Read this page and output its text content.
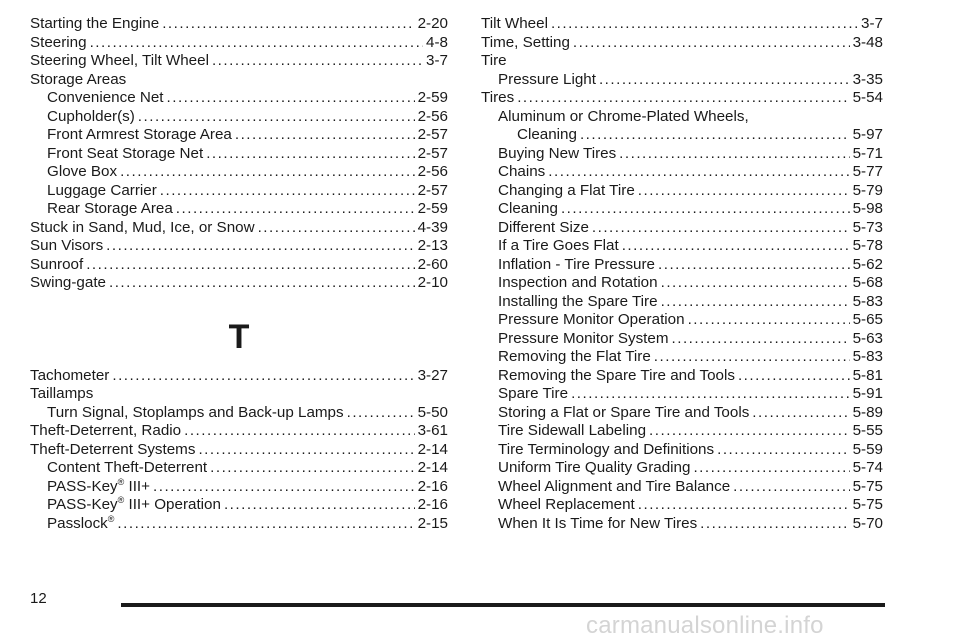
Starting the Engine .....	2-20
Steering .....	4-8
Steering Wheel, Tilt Wheel .....	3-7
Storage Areas
Convenience Net .....	2-59
Cupholder(s) .....	2-56
Front Armrest Storage Area .....	2-57
Front Seat Storage Net .....	2-57
Glove Box .....	2-56
Luggage Carrier .....	2-57
Rear Storage Area .....	2-59
Stuck in Sand, Mud, Ice, or Snow .....	4-39
Sun Visors .....	2-13
Sunroof .....	2-60
Swing-gate .....	2-10
T
Tachometer .....	3-27
Taillamps
Turn Signal, Stoplamps and Back-up Lamps .....	5-50
Theft-Deterrent, Radio .....	3-61
Theft-Deterrent Systems .....	2-14
Content Theft-Deterrent .....	2-14
PASS-Key® III+ .....	2-16
PASS-Key® III+ Operation .....	2-16
Passlock® .....	2-15
Tilt Wheel .....	3-7
Time, Setting .....	3-48
Tire
Pressure Light .....	3-35
Tires .....	5-54
Aluminum or Chrome-Plated Wheels,
Cleaning .....	5-97
Buying New Tires .....	5-71
Chains .....	5-77
Changing a Flat Tire .....	5-79
Cleaning .....	5-98
Different Size .....	5-73
If a Tire Goes Flat .....	5-78
Inflation - Tire Pressure .....	5-62
Inspection and Rotation .....	5-68
Installing the Spare Tire .....	5-83
Pressure Monitor Operation .....	5-65
Pressure Monitor System .....	5-63
Removing the Flat Tire .....	5-83
Removing the Spare Tire and Tools .....	5-81
Spare Tire .....	5-91
Storing a Flat or Spare Tire and Tools .....	5-89
Tire Sidewall Labeling .....	5-55
Tire Terminology and Definitions .....	5-59
Uniform Tire Quality Grading .....	5-74
Wheel Alignment and Tire Balance .....	5-75
Wheel Replacement .....	5-75
When It Is Time for New Tires .....	5-70
12
carmanualsonline.info
